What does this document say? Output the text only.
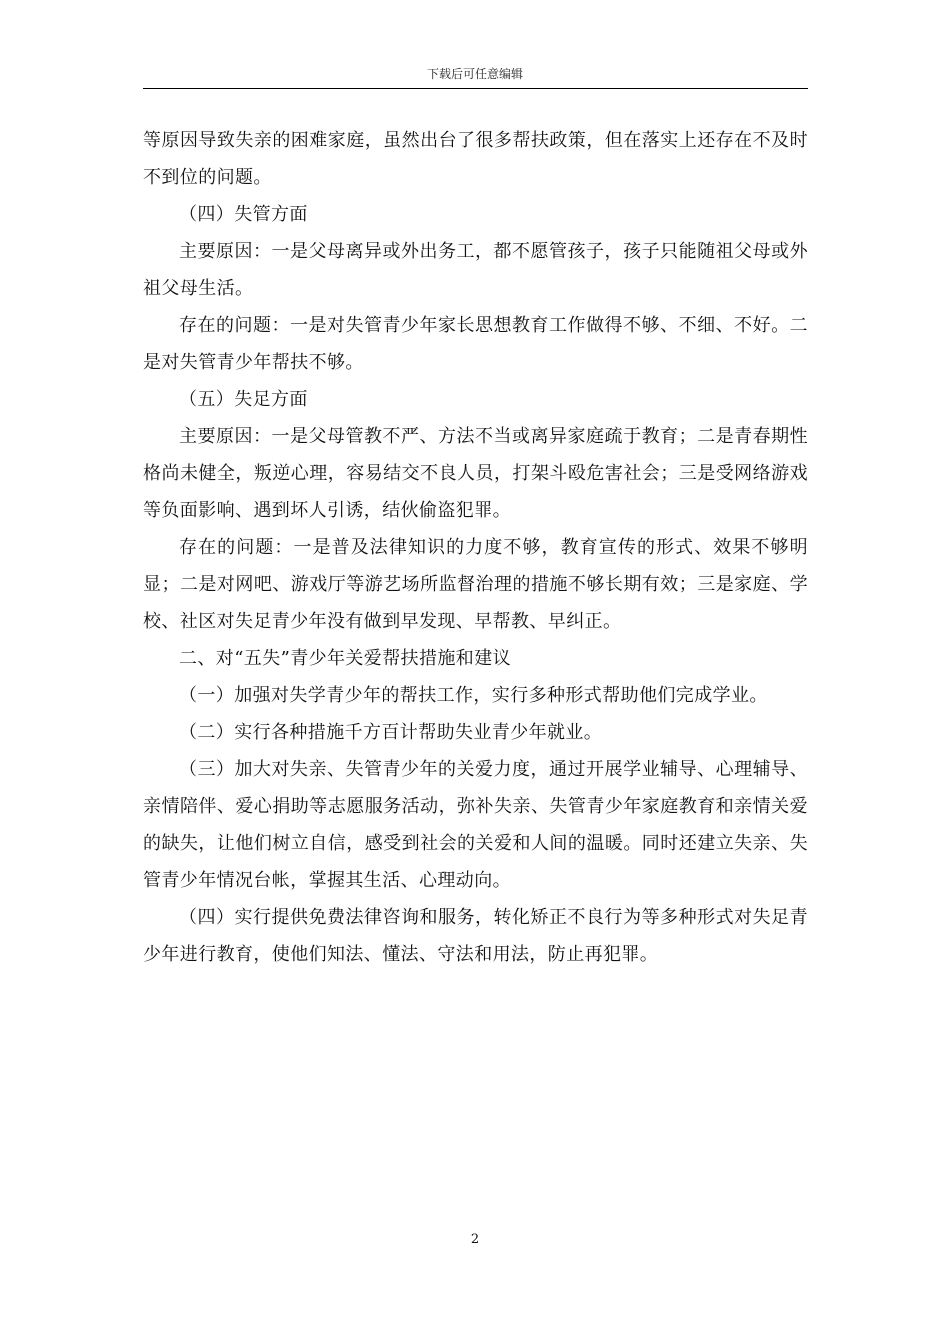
下载后可任意编辑

等原因导致失亲的困难家庭，虽然出台了很多帮扶政策，但在落实上还存在不及时不到位的问题。

（四）失管方面

主要原因：一是父母离异或外出务工，都不愿管孩子，孩子只能随祖父母或外祖父母生活。

存在的问题：一是对失管青少年家长思想教育工作做得不够、不细、不好。二是对失管青少年帮扶不够。

（五）失足方面

主要原因：一是父母管教不严、方法不当或离异家庭疏于教育；二是青春期性格尚未健全，叛逆心理，容易结交不良人员，打架斗殴危害社会；三是受网络游戏等负面影响、遇到坏人引诱，结伙偷盗犯罪。

存在的问题：一是普及法律知识的力度不够，教育宣传的形式、效果不够明显；二是对网吧、游戏厅等游艺场所监督治理的措施不够长期有效；三是家庭、学校、社区对失足青少年没有做到早发现、早帮教、早纠正。

二、对“五失”青少年关爱帮扶措施和建议

（一）加强对失学青少年的帮扶工作，实行多种形式帮助他们完成学业。

（二）实行各种措施千方百计帮助失业青少年就业。

（三）加大对失亲、失管青少年的关爱力度，通过开展学业辅导、心理辅导、亲情陪伴、爱心捐助等志愿服务活动，弥补失亲、失管青少年家庭教育和亲情关爱的缺失，让他们树立自信，感受到社会的关爱和人间的温暖。同时还建立失亲、失管青少年情况台帐，掌握其生活、心理动向。

（四）实行提供免费法律咨询和服务，转化矫正不良行为等多种形式对失足青少年进行教育，使他们知法、懂法、守法和用法，防止再犯罪。

2
